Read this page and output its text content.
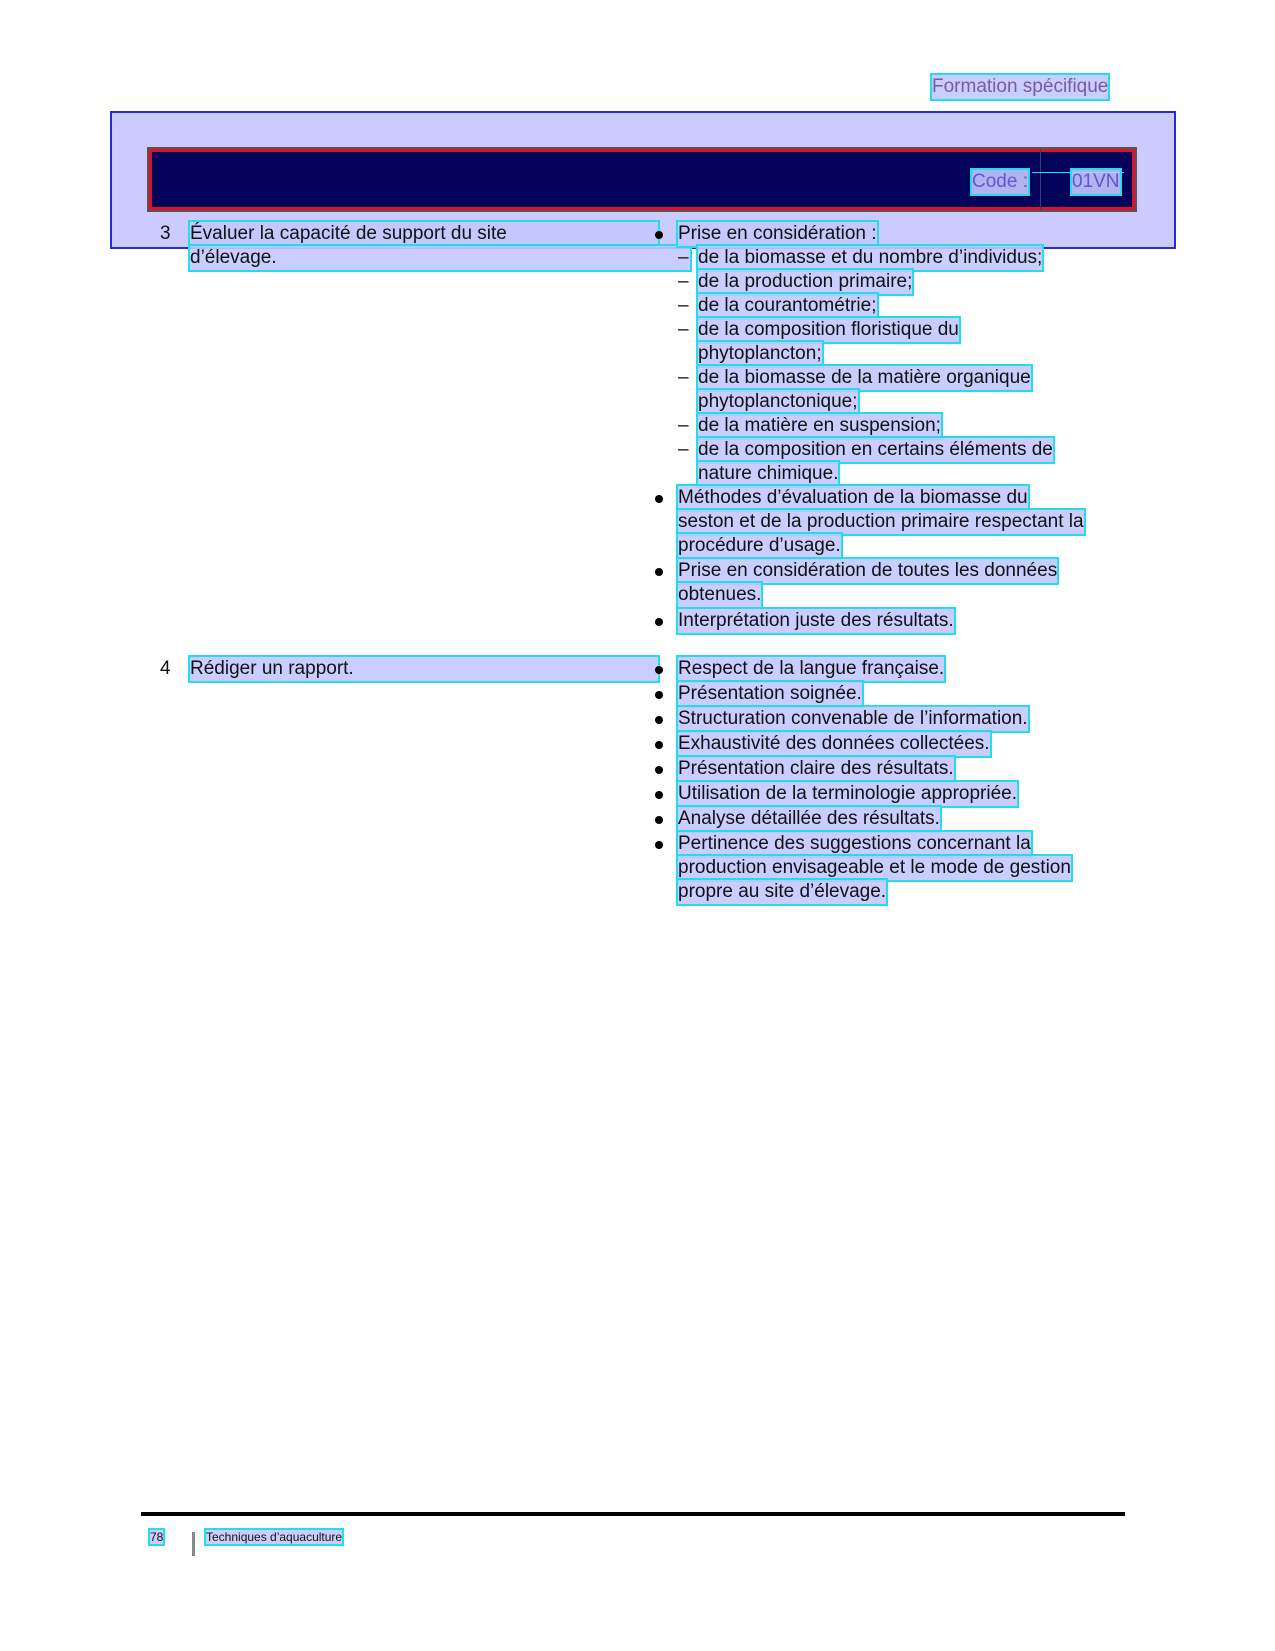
Formation spécifique
Code : 01VN
3 Évaluer la capacité de support du site
d’élevage.
Prise en considération :
– de la biomasse et du nombre d’individus;
– de la production primaire;
– de la courantométrie;
– de la composition floristique du
phytoplancton;
– de la biomasse de la matière organique
phytoplanctonique;
– de la matière en suspension;
– de la composition en certains éléments de
nature chimique.
Méthodes d’évaluation de la biomasse du
seston et de la production primaire respectant la
procédure d’usage.
Prise en considération de toutes les données
obtenues.
Interprétation juste des résultats.
4 Rédiger un rapport.	Respect de la langue française.
Présentation soignée.
Structuration convenable de l’information.
Exhaustivité des données collectées.
Présentation claire des résultats.
Utilisation de la terminologie appropriée.
Analyse détaillée des résultats.
Pertinence des suggestions concernant la
production envisageable et le mode de gestion
propre au site d’élevage.
78	Techniques d’aquaculture
